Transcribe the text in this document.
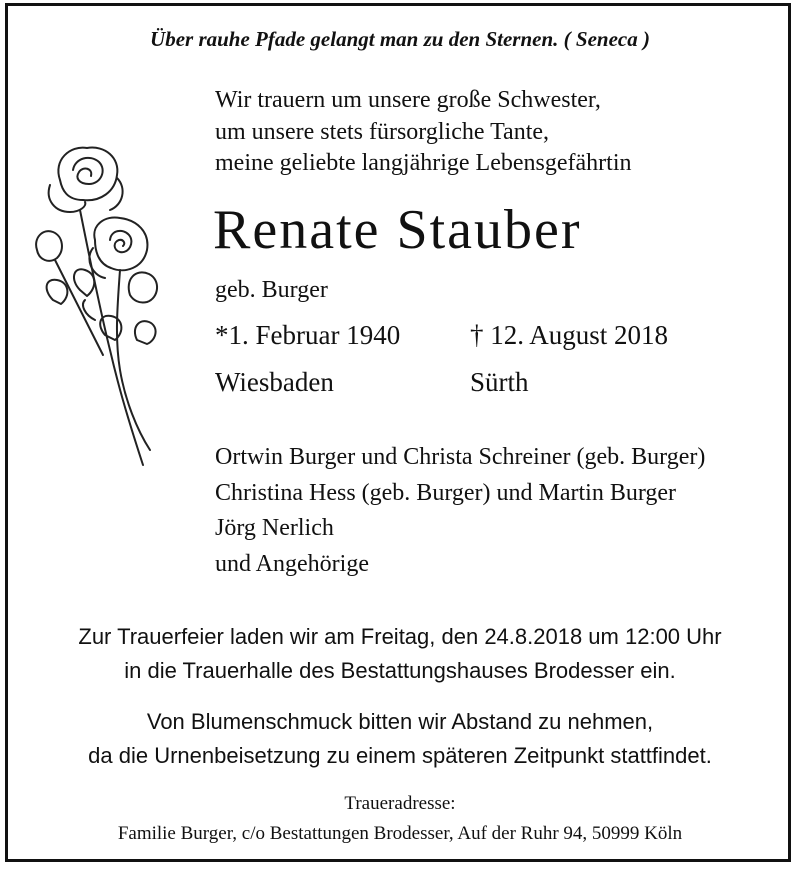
Über rauhe Pfade gelangt man zu den Sternen. ( Seneca )
Wir trauern um unsere große Schwester,
um unsere stets fürsorgliche Tante,
meine geliebte langjährige Lebensgefährtin
Renate Stauber
geb. Burger
*1. Februar 1940	† 12. August 2018
Wiesbaden	Sürth
Ortwin Burger und Christa Schreiner (geb. Burger)
Christina Hess (geb. Burger) und Martin Burger
Jörg Nerlich
und Angehörige
Zur Trauerfeier laden wir am Freitag, den 24.8.2018 um 12:00 Uhr
in die Trauerhalle des Bestattungshauses Brodesser ein.
Von Blumenschmuck bitten wir Abstand zu nehmen,
da die Urnenbeisetzung zu einem späteren Zeitpunkt stattfindet.
Traueradresse:
Familie Burger, c/o Bestattungen Brodesser, Auf der Ruhr 94, 50999 Köln
